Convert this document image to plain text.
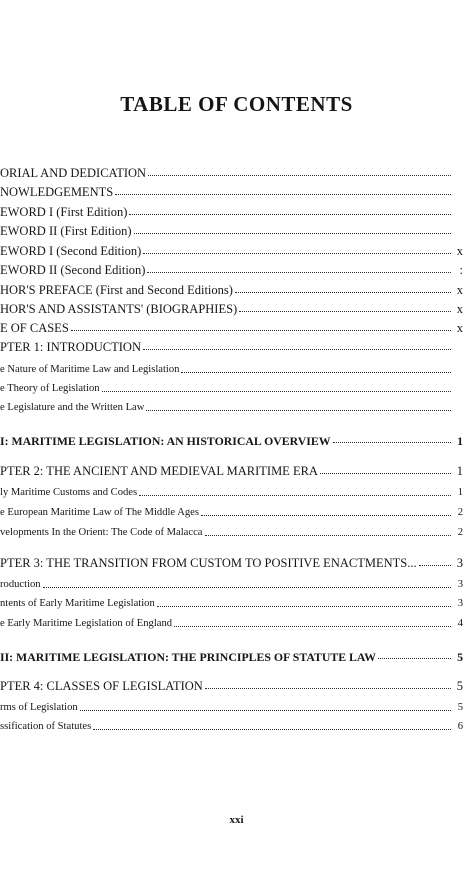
TABLE OF CONTENTS
ORIAL AND DEDICATION
NOWLEDGEMENTS
EWORD I (First Edition)
EWORD II (First Edition)
EWORD I (Second Edition)	x
EWORD II (Second Edition)	:
HOR'S PREFACE (First and Second Editions)	x
HOR'S AND ASSISTANTS' (BIOGRAPHIES)	x
E OF CASES	x
PTER 1: INTRODUCTION
e Nature of Maritime Law and Legislation
e Theory of Legislation
e Legislature and the Written Law
I: MARITIME LEGISLATION: AN HISTORICAL OVERVIEW	1
PTER 2: THE ANCIENT AND MEDIEVAL MARITIME ERA	1
ly Maritime Customs and Codes	1
e European Maritime Law of The Middle Ages	2
velopments In the Orient: The Code of Malacca	2
PTER 3: THE TRANSITION FROM CUSTOM TO POSITIVE ENACTMENTS...	3
roduction	3
ntents of Early Maritime Legislation	3
e Early Maritime Legislation of England	4
II: MARITIME LEGISLATION: THE PRINCIPLES OF STATUTE LAW	5
PTER 4: CLASSES OF LEGISLATION	5
rms of Legislation	5
ssification of Statutes	6
xxi
